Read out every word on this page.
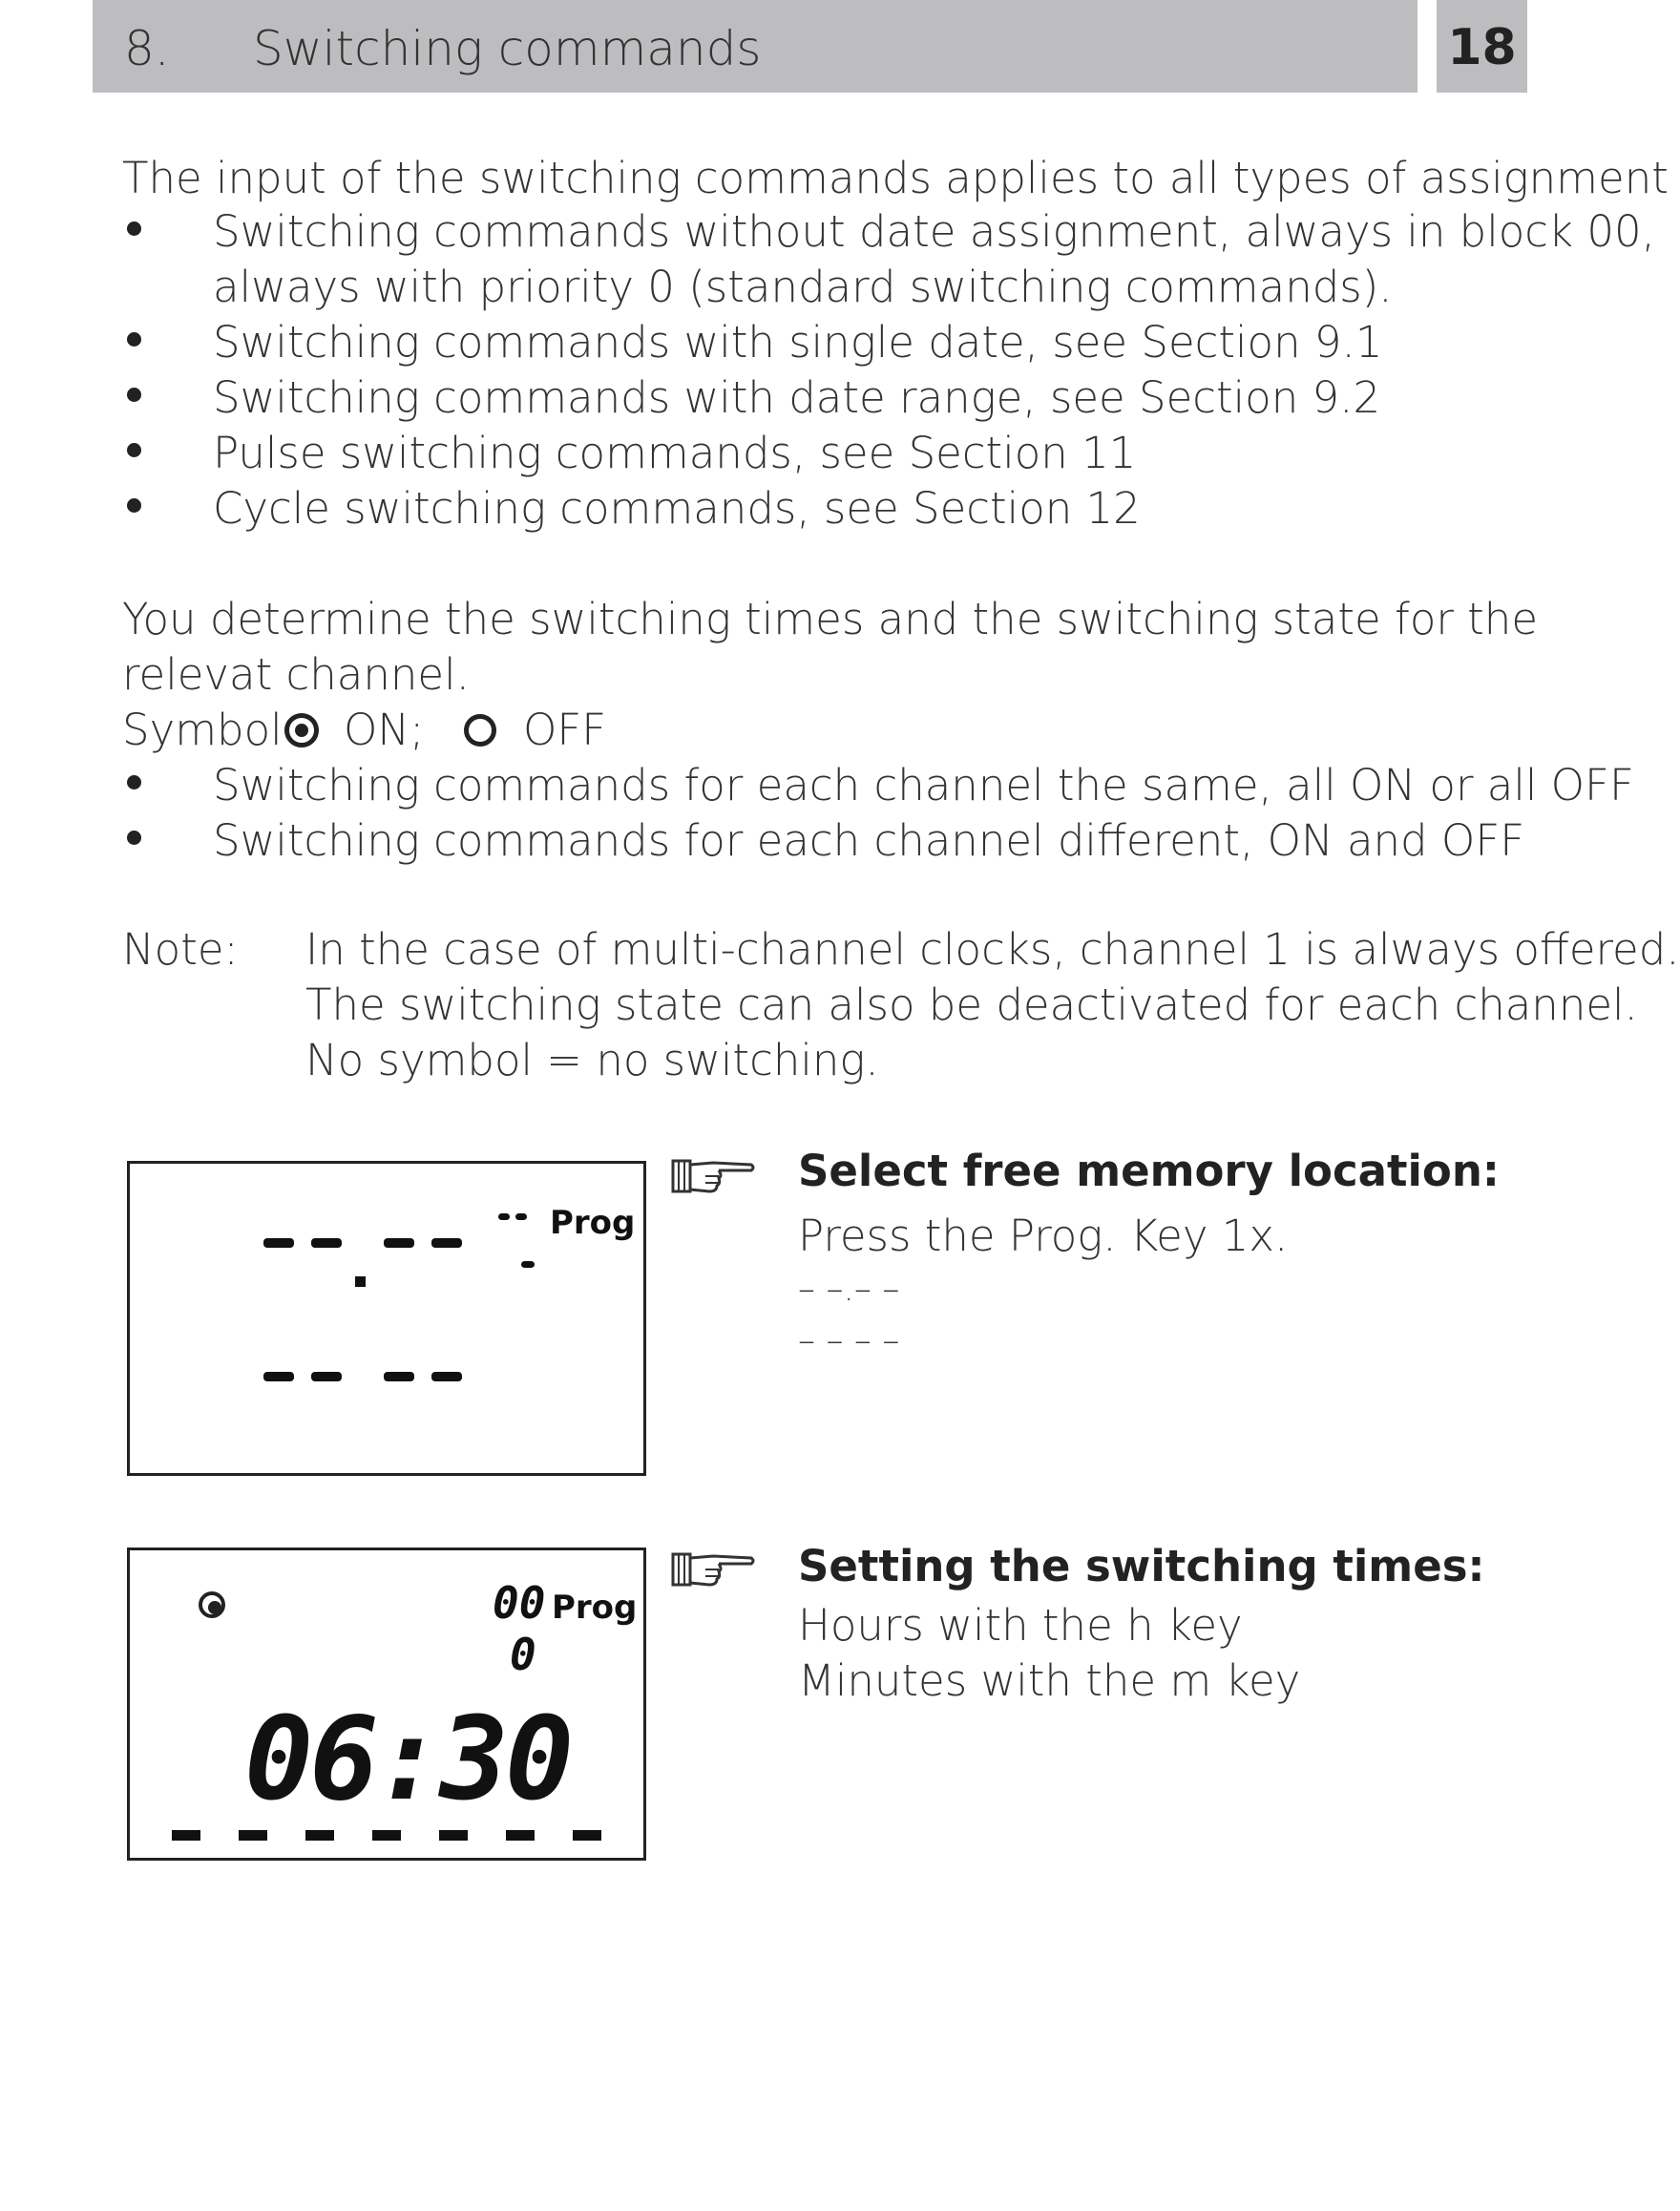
8. Switching commands	18
The input of the switching commands applies to all types of assignment
Switching commands without date assignment, always in block 00,
always with priority 0 (standard switching commands).
Switching commands with single date, see Section 9.1
Switching commands with date range, see Section 9.2
Pulse switching commands, see Section 11
Cycle switching commands, see Section 12
You determine the switching times and the switching state for the
relevat channel.
Symbol ON; OFF
Switching commands for each channel the same, all ON or all OFF
Switching commands for each channel different, ON and OFF
Note: In the case of multi-channel clocks, channel 1 is always offered.
The switching state can also be deactivated for each channel.
No symbol = no switching.
Prog
Select free memory location:
Press the Prog. Key 1x.
– –.– –
– – – –
00 Prog
0
06:30
Setting the switching times:
Hours with the h key
Minutes with the m key
